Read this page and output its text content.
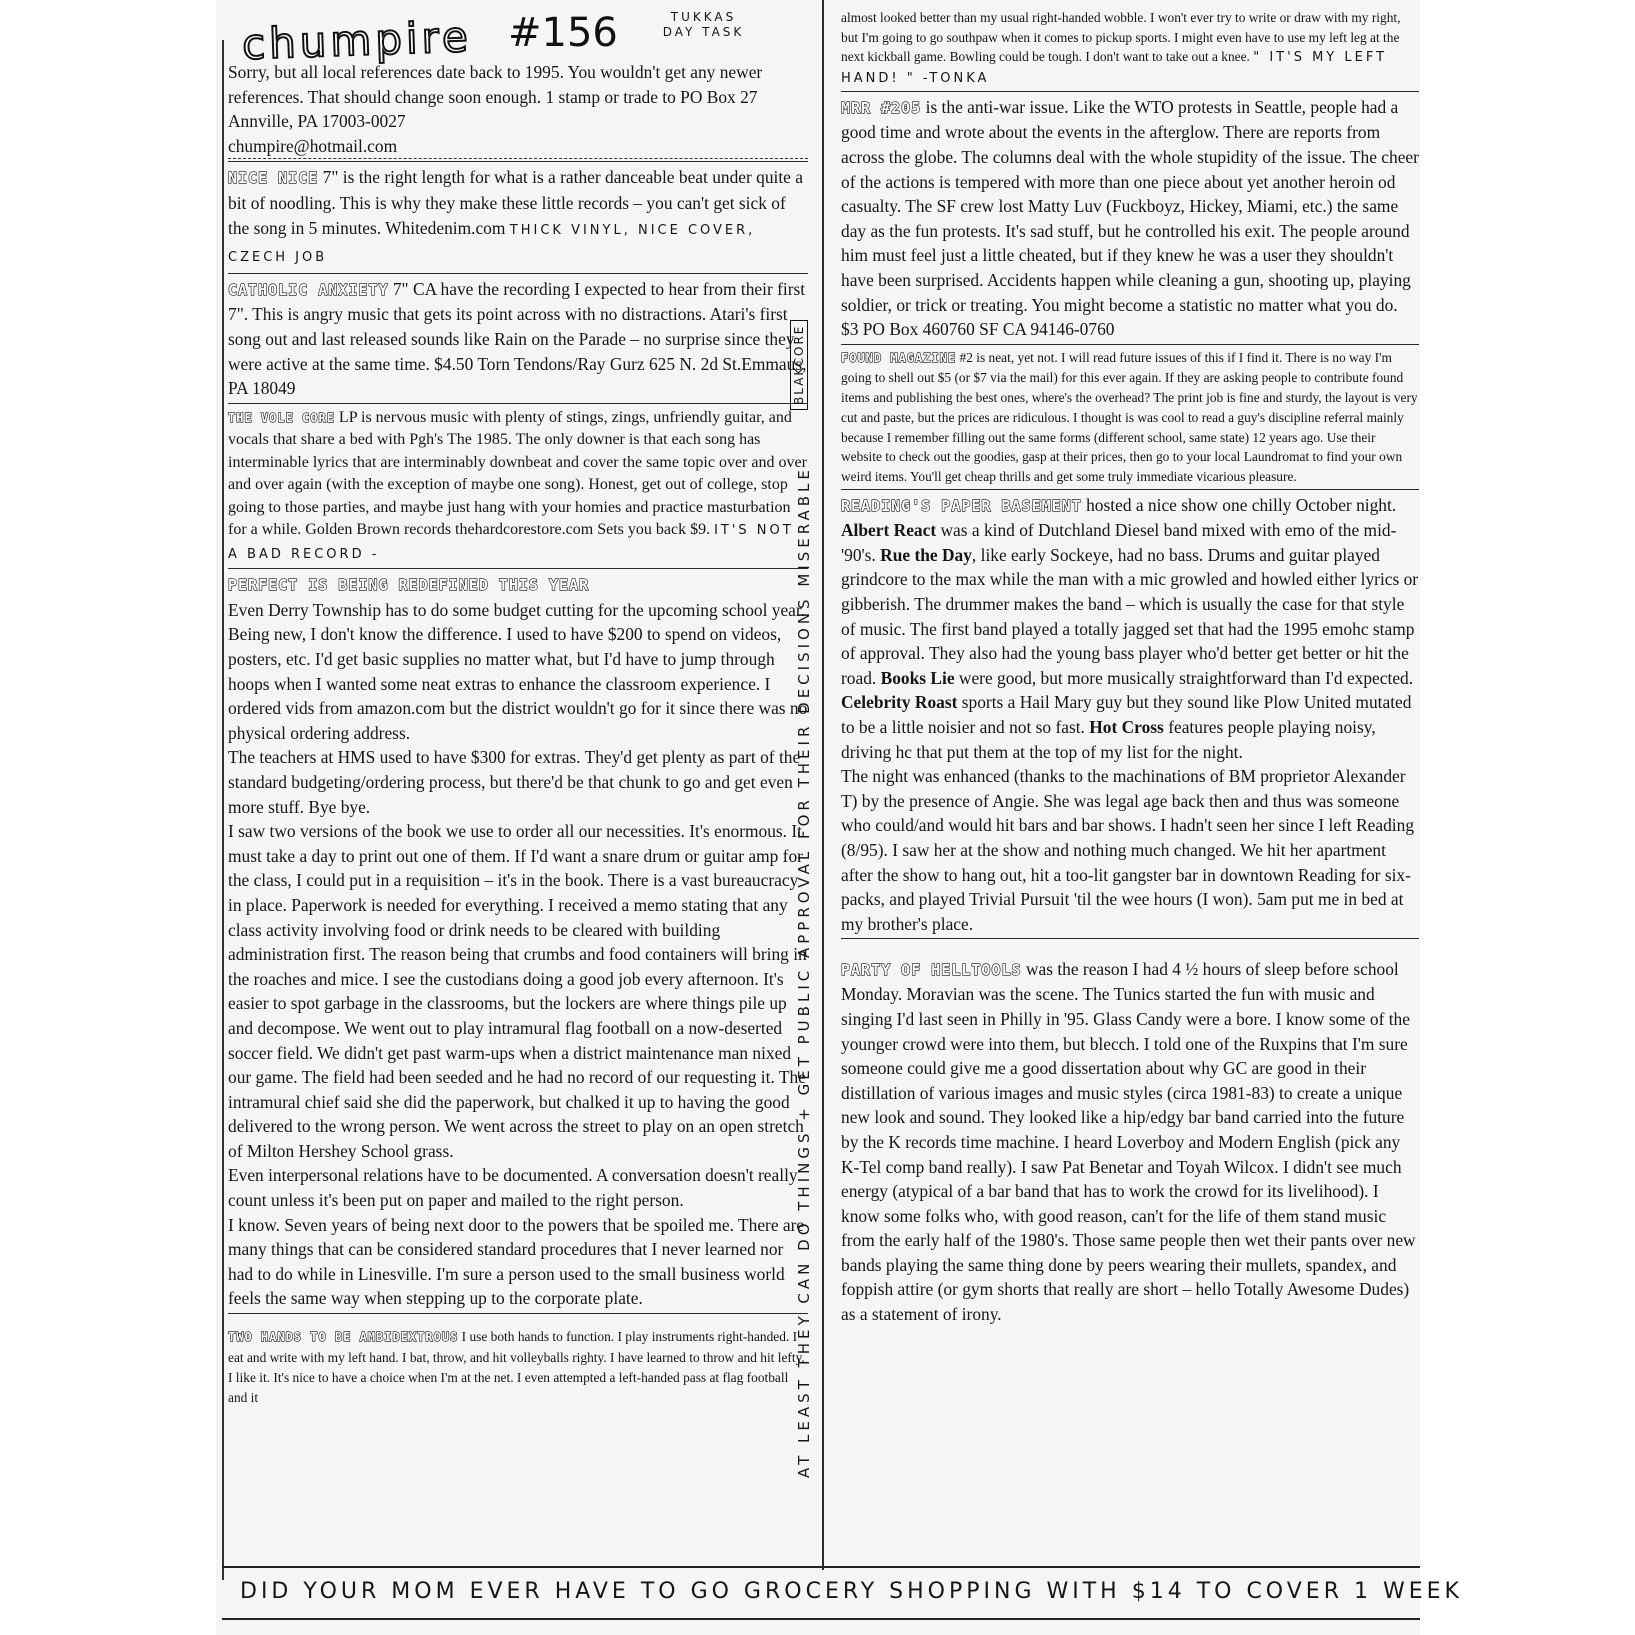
chumpire #156	TUKKAS DAY TASK

Sorry, but all local references date back to 1995. You wouldn't get any newer references. That should change soon enough. 1 stamp or trade to PO Box 27 Annville, PA 17003-0027

chumpire@hotmail.com

NICE NICE 7" is the right length for what is a rather danceable beat under quite a bit of noodling. This is why they make these little records – you can't get sick of the song in 5 minutes. Whitedenim.com THICK VINYL, NICE COVER, CZECH JOB

CATHOLIC ANXIETY 7" CA have the recording I expected to hear from their first 7". This is angry music that gets its point across with no distractions. Atari's first song out and last released sounds like Rain on the Parade – no surprise since they were active at the same time. $4.50 Torn Tendons/Ray Gurz 625 N. 2d St.Emmaus, PA 18049

THE VOLE CORE LP is nervous music with plenty of stings, zings, unfriendly guitar, and vocals that share a bed with Pgh's The 1985. The only downer is that each song has interminable lyrics that are interminably downbeat and cover the same topic over and over and over again (with the exception of maybe one song). Honest, get out of college, stop going to those parties, and maybe just hang with your homies and practice masturbation for a while. Golden Brown records thehardcorestore.com Sets you back $9. IT'S NOT A BAD RECORD -

PERFECT IS BEING REDEFINED THIS YEAR

Even Derry Township has to do some budget cutting for the upcoming school year. Being new, I don't know the difference. I used to have $200 to spend on videos, posters, etc. I'd get basic supplies no matter what, but I'd have to jump through hoops when I wanted some neat extras to enhance the classroom experience. I ordered vids from amazon.com but the district wouldn't go for it since there was no physical ordering address.

The teachers at HMS used to have $300 for extras. They'd get plenty as part of the standard budgeting/ordering process, but there'd be that chunk to go and get even more stuff. Bye bye.

I saw two versions of the book we use to order all our necessities. It's enormous. It must take a day to print out one of them. If I'd want a snare drum or guitar amp for the class, I could put in a requisition – it's in the book. There is a vast bureaucracy in place. Paperwork is needed for everything. I received a memo stating that any class activity involving food or drink needs to be cleared with building administration first. The reason being that crumbs and food containers will bring in the roaches and mice. I see the custodians doing a good job every afternoon. It's easier to spot garbage in the classrooms, but the lockers are where things pile up and decompose. We went out to play intramural flag football on a now-deserted soccer field. We didn't get past warm-ups when a district maintenance man nixed our game. The field had been seeded and he had no record of our requesting it. The intramural chief said she did the paperwork, but chalked it up to having the good delivered to the wrong person. We went across the street to play on an open stretch of Milton Hershey School grass.

Even interpersonal relations have to be documented. A conversation doesn't really count unless it's been put on paper and mailed to the right person.

I know. Seven years of being next door to the powers that be spoiled me. There are many things that can be considered standard procedures that I never learned nor had to do while in Linesville. I'm sure a person used to the small business world feels the same way when stepping up to the corporate plate.

TWO HANDS TO BE AMBIDEXTROUS I use both hands to function. I play instruments right-handed. I eat and write with my left hand. I bat, throw, and hit volleyballs righty. I have learned to throw and hit lefty. I like it. It's nice to have a choice when I'm at the net. I even attempted a left-handed pass at flag football and it	AT LEAST THEY CAN DO THINGS + GET PUBLIC APPROVAL FOR THEIR DECISIONS MISERABLE
BLAKCORE

almost looked better than my usual right-handed wobble. I won't ever try to write or draw with my right, but I'm going to go southpaw when it comes to pickup sports. I might even have to use my left leg at the next kickball game. Bowling could be tough. I don't want to take out a knee. " IT'S MY LEFT HAND! " -TONKA

MRR #205 is the anti-war issue. Like the WTO protests in Seattle, people had a good time and wrote about the events in the afterglow. There are reports from across the globe. The columns deal with the whole stupidity of the issue. The cheer of the actions is tempered with more than one piece about yet another heroin od casualty. The SF crew lost Matty Luv (Fuckboyz, Hickey, Miami, etc.) the same day as the fun protests. It's sad stuff, but he controlled his exit. The people around him must feel just a little cheated, but if they knew he was a user they shouldn't have been surprised. Accidents happen while cleaning a gun, shooting up, playing soldier, or trick or treating. You might become a statistic no matter what you do. $3 PO Box 460760 SF CA 94146-0760

FOUND MAGAZINE #2 is neat, yet not. I will read future issues of this if I find it. There is no way I'm going to shell out $5 (or $7 via the mail) for this ever again. If they are asking people to contribute found items and publishing the best ones, where's the overhead? The print job is fine and sturdy, the layout is very cut and paste, but the prices are ridiculous. I thought is was cool to read a guy's discipline referral mainly because I remember filling out the same forms (different school, same state) 12 years ago. Use their website to check out the goodies, gasp at their prices, then go to your local Laundromat to find your own weird items. You'll get cheap thrills and get some truly immediate vicarious pleasure.

READING'S PAPER BASEMENT hosted a nice show one chilly October night. Albert React was a kind of Dutchland Diesel band mixed with emo of the mid-'90's. Rue the Day, like early Sockeye, had no bass. Drums and guitar played grindcore to the max while the man with a mic growled and howled either lyrics or gibberish. The drummer makes the band – which is usually the case for that style of music. The first band played a totally jagged set that had the 1995 emohc stamp of approval. They also had the young bass player who'd better get better or hit the road. Books Lie were good, but more musically straightforward than I'd expected. Celebrity Roast sports a Hail Mary guy but they sound like Plow United mutated to be a little noisier and not so fast. Hot Cross features people playing noisy, driving hc that put them at the top of my list for the night.

The night was enhanced (thanks to the machinations of BM proprietor Alexander T) by the presence of Angie. She was legal age back then and thus was someone who could/and would hit bars and bar shows. I hadn't seen her since I left Reading (8/95). I saw her at the show and nothing much changed. We hit her apartment after the show to hang out, hit a too-lit gangster bar in downtown Reading for six-packs, and played Trivial Pursuit 'til the wee hours (I won). 5am put me in bed at my brother's place.

PARTY OF HELLTOOLS was the reason I had 4 ½ hours of sleep before school Monday. Moravian was the scene. The Tunics started the fun with music and singing I'd last seen in Philly in '95. Glass Candy were a bore. I know some of the younger crowd were into them, but blecch. I told one of the Ruxpins that I'm sure someone could give me a good dissertation about why GC are good in their distillation of various images and music styles (circa 1981-83) to create a unique new look and sound. They looked like a hip/edgy bar band carried into the future by the K records time machine. I heard Loverboy and Modern English (pick any K-Tel comp band really). I saw Pat Benetar and Toyah Wilcox. I didn't see much energy (atypical of a bar band that has to work the crowd for its livelihood). I know some folks who, with good reason, can't for the life of them stand music from the early half of the 1980's. Those same people then wet their pants over new bands playing the same thing done by peers wearing their mullets, spandex, and foppish attire (or gym shorts that really are short – hello Totally Awesome Dudes) as a statement of irony.

DID YOUR MOM EVER HAVE TO GO GROCERY SHOPPING WITH $14 TO COVER 1 WEEK
